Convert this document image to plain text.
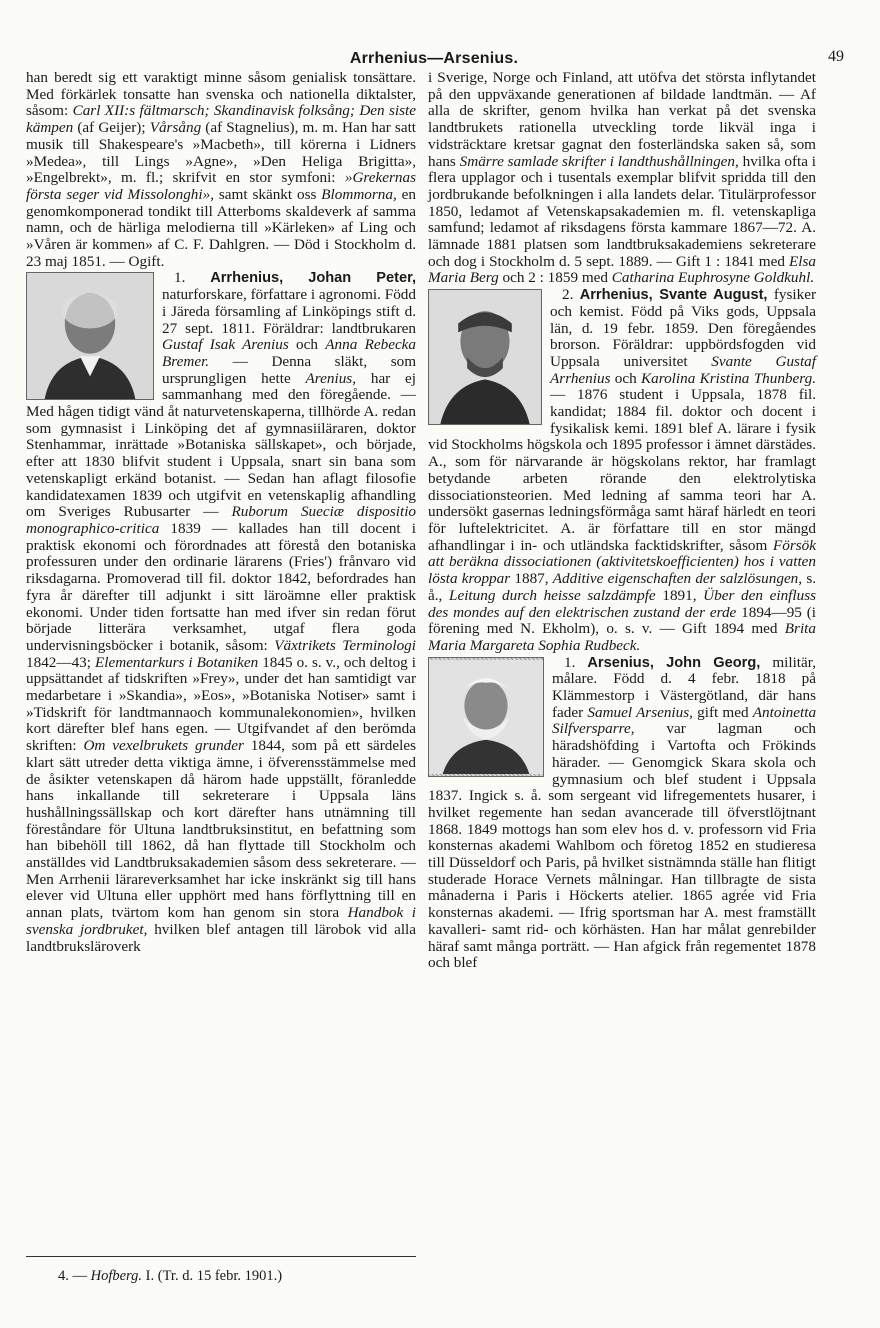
Arrhenius—Arsenius.	49

han beredt sig ett varaktigt minne såsom genialisk tonsättare. Med förkärlek tonsatte han svenska och nationella diktalster, såsom: Carl XII:s fältmarsch; Skandinavisk folksång; Den siste kämpen (af Geijer); Vårsång (af Stagnelius), m. m. Han har satt musik till Shakespeare's »Macbeth», till körerna i Lidners »Medea», till Lings »Agne», »Den Heliga Brigitta», »Engelbrekt», m. fl.; skrifvit en stor symfoni: »Grekernas första seger vid Missolonghi», samt skänkt oss Blommorna, en genomkomponerad tondikt till Atterboms skaldeverk af samma namn, och de härliga melodierna till »Kärleken» af Ling och »Våren är kommen» af C. F. Dahlgren. — Död i Stockholm d. 23 maj 1851. — Ogift.

1. Arrhenius, Johan Peter,
naturforskare, författare i agronomi. Född i Järeda församling af Linköpings stift d. 27 sept. 1811. Föräldrar: landtbrukaren Gustaf Isak Arenius och Anna Rebecka Bremer. — Denna släkt, som ursprungligen hette Arenius, har ej sammanhang med den föregående. — Med hågen tidigt vänd åt naturvetenskaperna, tillhörde A. redan som gymnasist i Linköping det af gymnasiiläraren, doktor Stenhammar, inrättade »Botaniska sällskapet», och började, efter att 1830 blifvit student i Uppsala, snart sin bana som vetenskapligt erkänd botanist. — Sedan han aflagt filosofie kandidatexamen 1839 och utgifvit en vetenskaplig afhandling om Sveriges Rubusarter — Ruborum Sueciæ dispositio monographico-critica 1839 — kallades han till docent i praktisk ekonomi och förordnades att förestå den botaniska professuren under den ordinarie lärarens (Fries') frånvaro vid riksdagarna. Promoverad till fil. doktor 1842, befordrades han fyra år därefter till adjunkt i sitt läroämne eller praktisk ekonomi. Under tiden fortsatte han med ifver sin redan förut började litterära verksamhet, utgaf flera goda undervisningsböcker i botanik, såsom: Växtrikets Terminologi 1842—43; Elementarkurs i Botaniken 1845 o. s. v., och deltog i uppsättandet af tidskriften »Frey», under det han samtidigt var medarbetare i »Skandia», »Eos», »Botaniska Notiser» samt i »Tidskrift för landtmannaoch kommunalekonomien», hvilken kort därefter blef hans egen. — Utgifvandet af den berömda skriften: Om vexelbrukets grunder 1844, som på ett särdeles klart sätt utreder detta viktiga ämne, i öfverensstämmelse med de åsikter vetenskapen då härom hade uppställt, föranledde hans inkallande till sekreterare i Uppsala läns hushållningssällskap och kort därefter hans utnämning till föreståndare för Ultuna landtbruksinstitut, en befattning som han bibehöll till 1862, då han flyttade till Stockholm och anställdes vid Landtbruksakademien såsom dess sekreterare. — Men Arrhenii lärareverksamhet har icke inskränkt sig till hans elever vid Ultuna eller upphört med hans förflyttning till en annan plats, tvärtom kom han genom sin stora Handbok i svenska jordbruket, hvilken blef antagen till lärobok vid alla landtbruksläroverk

i Sverige, Norge och Finland, att utöfva det största inflytandet på den uppväxande generationen af bildade landtmän. — Af alla de skrifter, genom hvilka han verkat på det svenska landtbrukets rationella utveckling torde likväl inga i vidsträcktare kretsar gagnat den fosterländska saken så, som hans Smärre samlade skrifter i landthushållningen, hvilka ofta i flera upplagor och i tusentals exemplar blifvit spridda till den jordbrukande befolkningen i alla landets delar. Titulärprofessor 1850, ledamot af Vetenskapsakademien m. fl. vetenskapliga samfund; ledamot af riksdagens första kammare 1867—72. A. lämnade 1881 platsen som landtbruksakademiens sekreterare och dog i Stockholm d. 5 sept. 1889. — Gift 1 : 1841 med Elsa Maria Berg och 2 : 1859 med Catharina Euphrosyne Goldkuhl.

2. Arrhenius, Svante August, fysiker och kemist. Född på Viks gods, Uppsala län, d. 19 febr. 1859. Den föregåendes brorson. Föräldrar: uppbördsfogden vid Uppsala universitet Svante Gustaf Arrhenius och Karolina Kristina Thunberg. — 1876 student i Uppsala, 1878 fil. kandidat; 1884 fil. doktor och docent i fysikalisk kemi. 1891 blef A. lärare i fysik vid Stockholms högskola och 1895 professor i ämnet därstädes. A., som för närvarande är högskolans rektor, har framlagt betydande arbeten rörande den elektrolytiska dissociationsteorien. Med ledning af samma teori har A. undersökt gasernas ledningsförmåga samt häraf härledt en teori för luftelektricitet. A. är författare till en stor mängd afhandlingar i in- och utländska facktidskrifter, såsom Försök att beräkna dissociationen (aktivitetskoefficienten) hos i vatten lösta kroppar 1887, Additive eigenschaften der salzlösungen, s. å., Leitung durch heisse salzdämpfe 1891, Über den einfluss des mondes auf den elektrischen zustand der erde 1894—95 (i förening med N. Ekholm), o. s. v. — Gift 1894 med Brita Maria Margareta Sophia Rudbeck.

1. Arsenius, John Georg, militär, målare. Född d. 4 febr. 1818 på Klämmestorp i Västergötland, där hans fader Samuel Arsenius, gift med Antoinetta Silfversparre, var lagman och häradshöfding i Vartofta och Frökinds härader. — Genomgick Skara skola och gymnasium och blef student i Uppsala 1837. Ingick s. å. som sergeant vid lifregementets husarer, i hvilket regemente han sedan avancerade till öfverstlöjtnant 1868. 1849 mottogs han som elev hos d. v. professorn vid Fria konsternas akademi Wahlbom och företog 1852 en studieresa till Düsseldorf och Paris, på hvilket sistnämnda ställe han flitigt studerade Horace Vernets målningar. Han tillbragte de sista månaderna i Paris i Höckerts atelier. 1865 agrée vid Fria konsternas akademi. — Ifrig sportsman har A. mest framställt kavalleri- samt rid- och körhästen. Han har målat genrebilder häraf samt många porträtt. — Han afgick från regementet 1878 och blef

4. — Hofberg. I. (Tr. d. 15 febr. 1901.)
